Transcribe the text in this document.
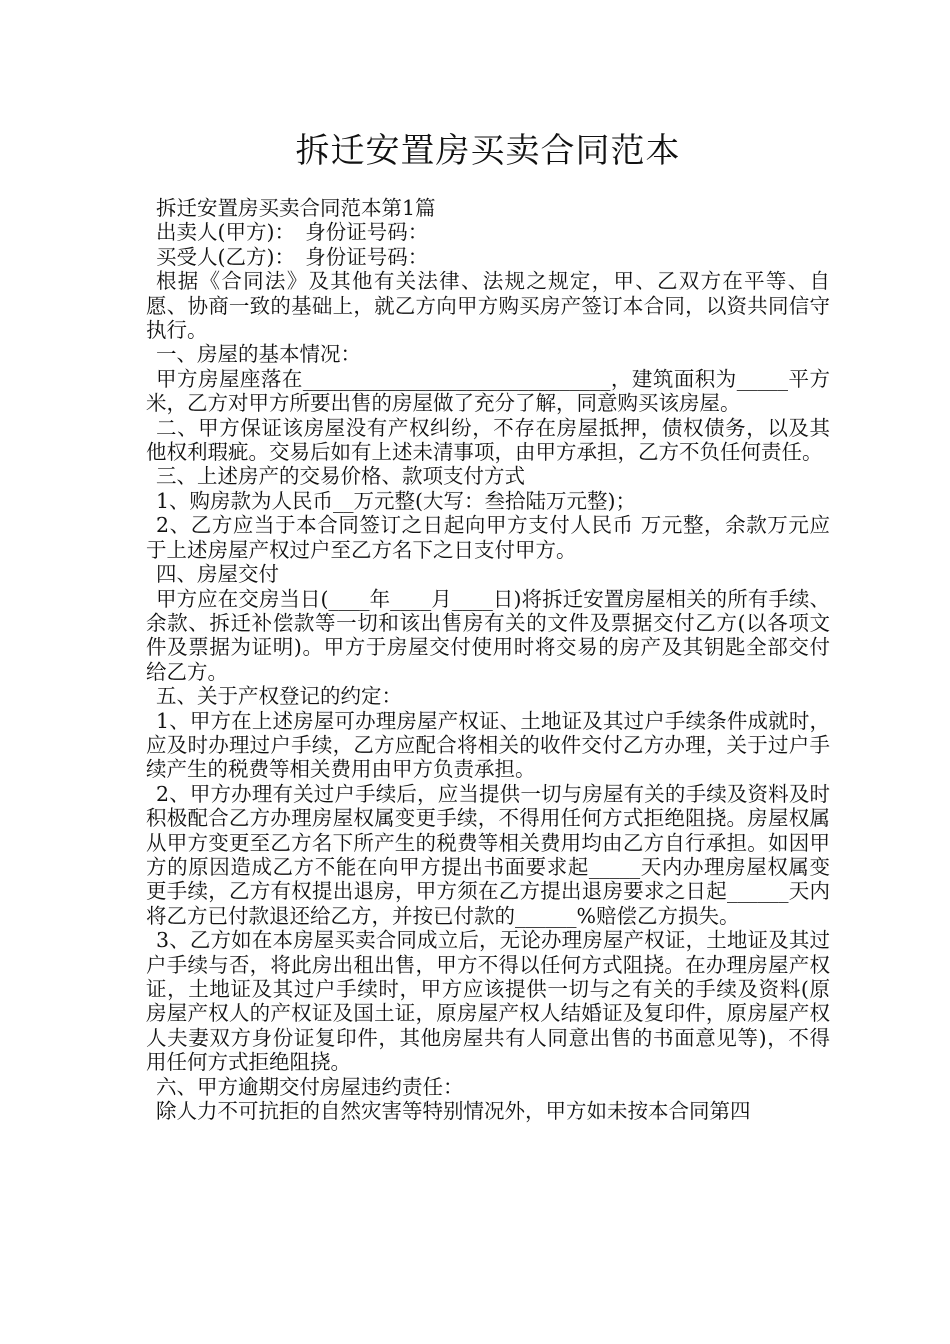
拆迁安置房买卖合同范本

拆迁安置房买卖合同范本第1篇

出卖人(甲方)：　身份证号码：

买受人(乙方)：　身份证号码：

根据《合同法》及其他有关法律、法规之规定，甲、乙双方在平等、自愿、协商一致的基础上，就乙方向甲方购买房产签订本合同，以资共同信守执行。

一、房屋的基本情况：

甲方房屋座落在______________________________，建筑面积为_____平方米，乙方对甲方所要出售的房屋做了充分了解，同意购买该房屋。

二、甲方保证该房屋没有产权纠纷，不存在房屋抵押，债权债务，以及其他权利瑕疵。交易后如有上述未清事项，由甲方承担，乙方不负任何责任。

三、上述房产的交易价格、款项支付方式

1、购房款为人民币__万元整(大写：叁拾陆万元整)；

2、乙方应当于本合同签订之日起向甲方支付人民币 万元整，余款万元应于上述房屋产权过户至乙方名下之日支付甲方。

四、房屋交付

甲方应在交房当日(____年____月____日)将拆迁安置房屋相关的所有手续、余款、拆迁补偿款等一切和该出售房有关的文件及票据交付乙方(以各项文件及票据为证明)。甲方于房屋交付使用时将交易的房产及其钥匙全部交付给乙方。

五、关于产权登记的约定：

1、甲方在上述房屋可办理房屋产权证、土地证及其过户手续条件成就时，应及时办理过户手续，乙方应配合将相关的收件交付乙方办理，关于过户手续产生的税费等相关费用由甲方负责承担。

2、甲方办理有关过户手续后，应当提供一切与房屋有关的手续及资料及时积极配合乙方办理房屋权属变更手续，不得用任何方式拒绝阻挠。房屋权属从甲方变更至乙方名下所产生的税费等相关费用均由乙方自行承担。如因甲方的原因造成乙方不能在向甲方提出书面要求起_____天内办理房屋权属变更手续，乙方有权提出退房，甲方须在乙方提出退房要求之日起______天内将乙方已付款退还给乙方，并按已付款的______%赔偿乙方损失。

3、乙方如在本房屋买卖合同成立后，无论办理房屋产权证，土地证及其过户手续与否，将此房出租出售，甲方不得以任何方式阻挠。在办理房屋产权证，土地证及其过户手续时，甲方应该提供一切与之有关的手续及资料(原房屋产权人的产权证及国土证，原房屋产权人结婚证及复印件，原房屋产权人夫妻双方身份证复印件，其他房屋共有人同意出售的书面意见等)，不得用任何方式拒绝阻挠。

六、甲方逾期交付房屋违约责任：

除人力不可抗拒的自然灾害等特别情况外，甲方如未按本合同第四
